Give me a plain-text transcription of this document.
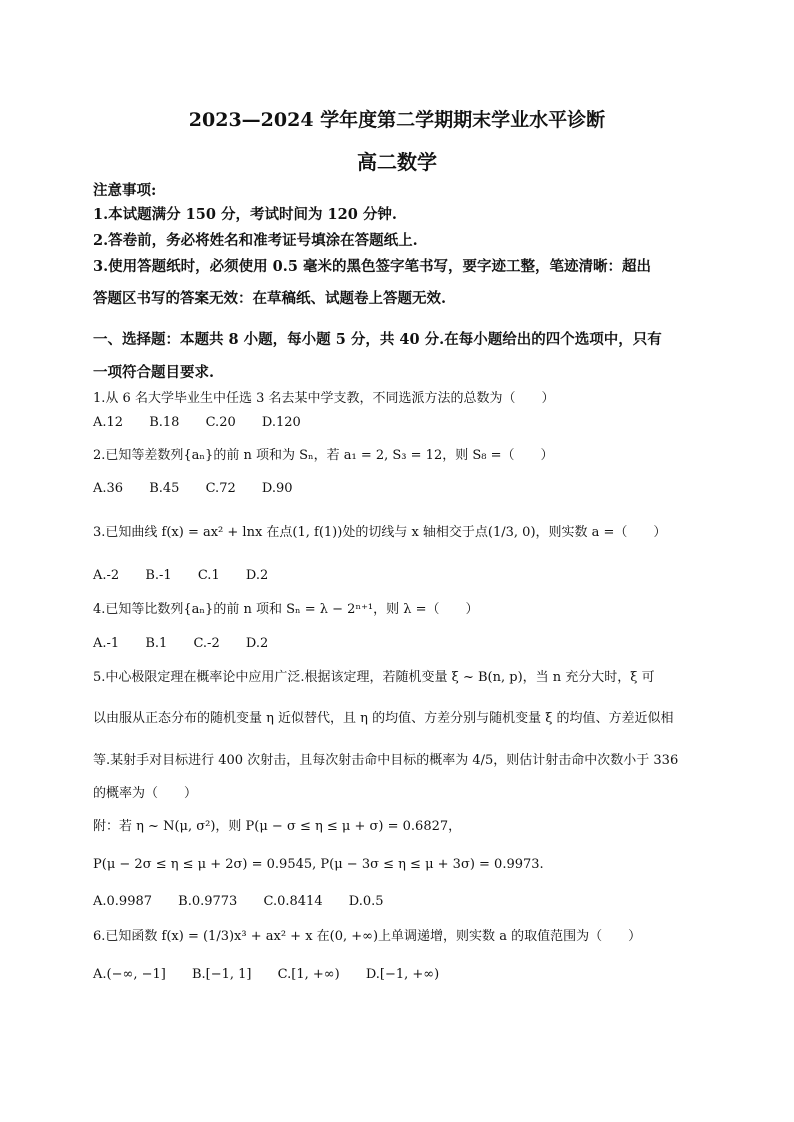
2023—2024 学年度第二学期期末学业水平诊断
高二数学
注意事项:
1.本试题满分 150 分，考试时间为 120 分钟.
2.答卷前，务必将姓名和准考证号填涂在答题纸上.
3.使用答题纸时，必须使用 0.5 毫米的黑色签字笔书写，要字迹工整，笔迹清晰：超出
答题区书写的答案无效：在草稿纸、试题卷上答题无效.
一、选择题：本题共 8 小题，每小题 5 分，共 40 分.在每小题给出的四个选项中，只有
一项符合题目要求.
1.从 6 名大学毕业生中任选 3 名去某中学支教，不同选派方法的总数为（　　）
A.12 B.18 C.20 D.120
2.已知等差数列{aₙ}的前 n 项和为 Sₙ，若 a₁ = 2, S₃ = 12，则 S₈ =（　　）
A.36 B.45 C.72 D.90
3.已知曲线 f(x) = ax² + lnx 在点(1, f(1))处的切线与 x 轴相交于点(1/3, 0)，则实数 a =（　　）
A.-2 B.-1 C.1 D.2
4.已知等比数列{aₙ}的前 n 项和 Sₙ = λ − 2ⁿ⁺¹，则 λ =（　　）
A.-1 B.1 C.-2 D.2
5.中心极限定理在概率论中应用广泛.根据该定理，若随机变量 ξ ~ B(n, p)，当 n 充分大时，ξ 可
以由服从正态分布的随机变量 η 近似替代，且 η 的均值、方差分别与随机变量 ξ 的均值、方差近似相
等.某射手对目标进行 400 次射击，且每次射击命中目标的概率为 4/5，则估计射击命中次数小于 336
的概率为（　　）
附：若 η ~ N(μ, σ²)，则 P(μ − σ ≤ η ≤ μ + σ) = 0.6827，
P(μ − 2σ ≤ η ≤ μ + 2σ) = 0.9545, P(μ − 3σ ≤ η ≤ μ + 3σ) = 0.9973.
A.0.9987 B.0.9773 C.0.8414 D.0.5
6.已知函数 f(x) = (1/3)x³ + ax² + x 在(0, +∞)上单调递增，则实数 a 的取值范围为（　　）
A.(−∞, −1] B.[−1, 1] C.[1, +∞) D.[−1, +∞)
